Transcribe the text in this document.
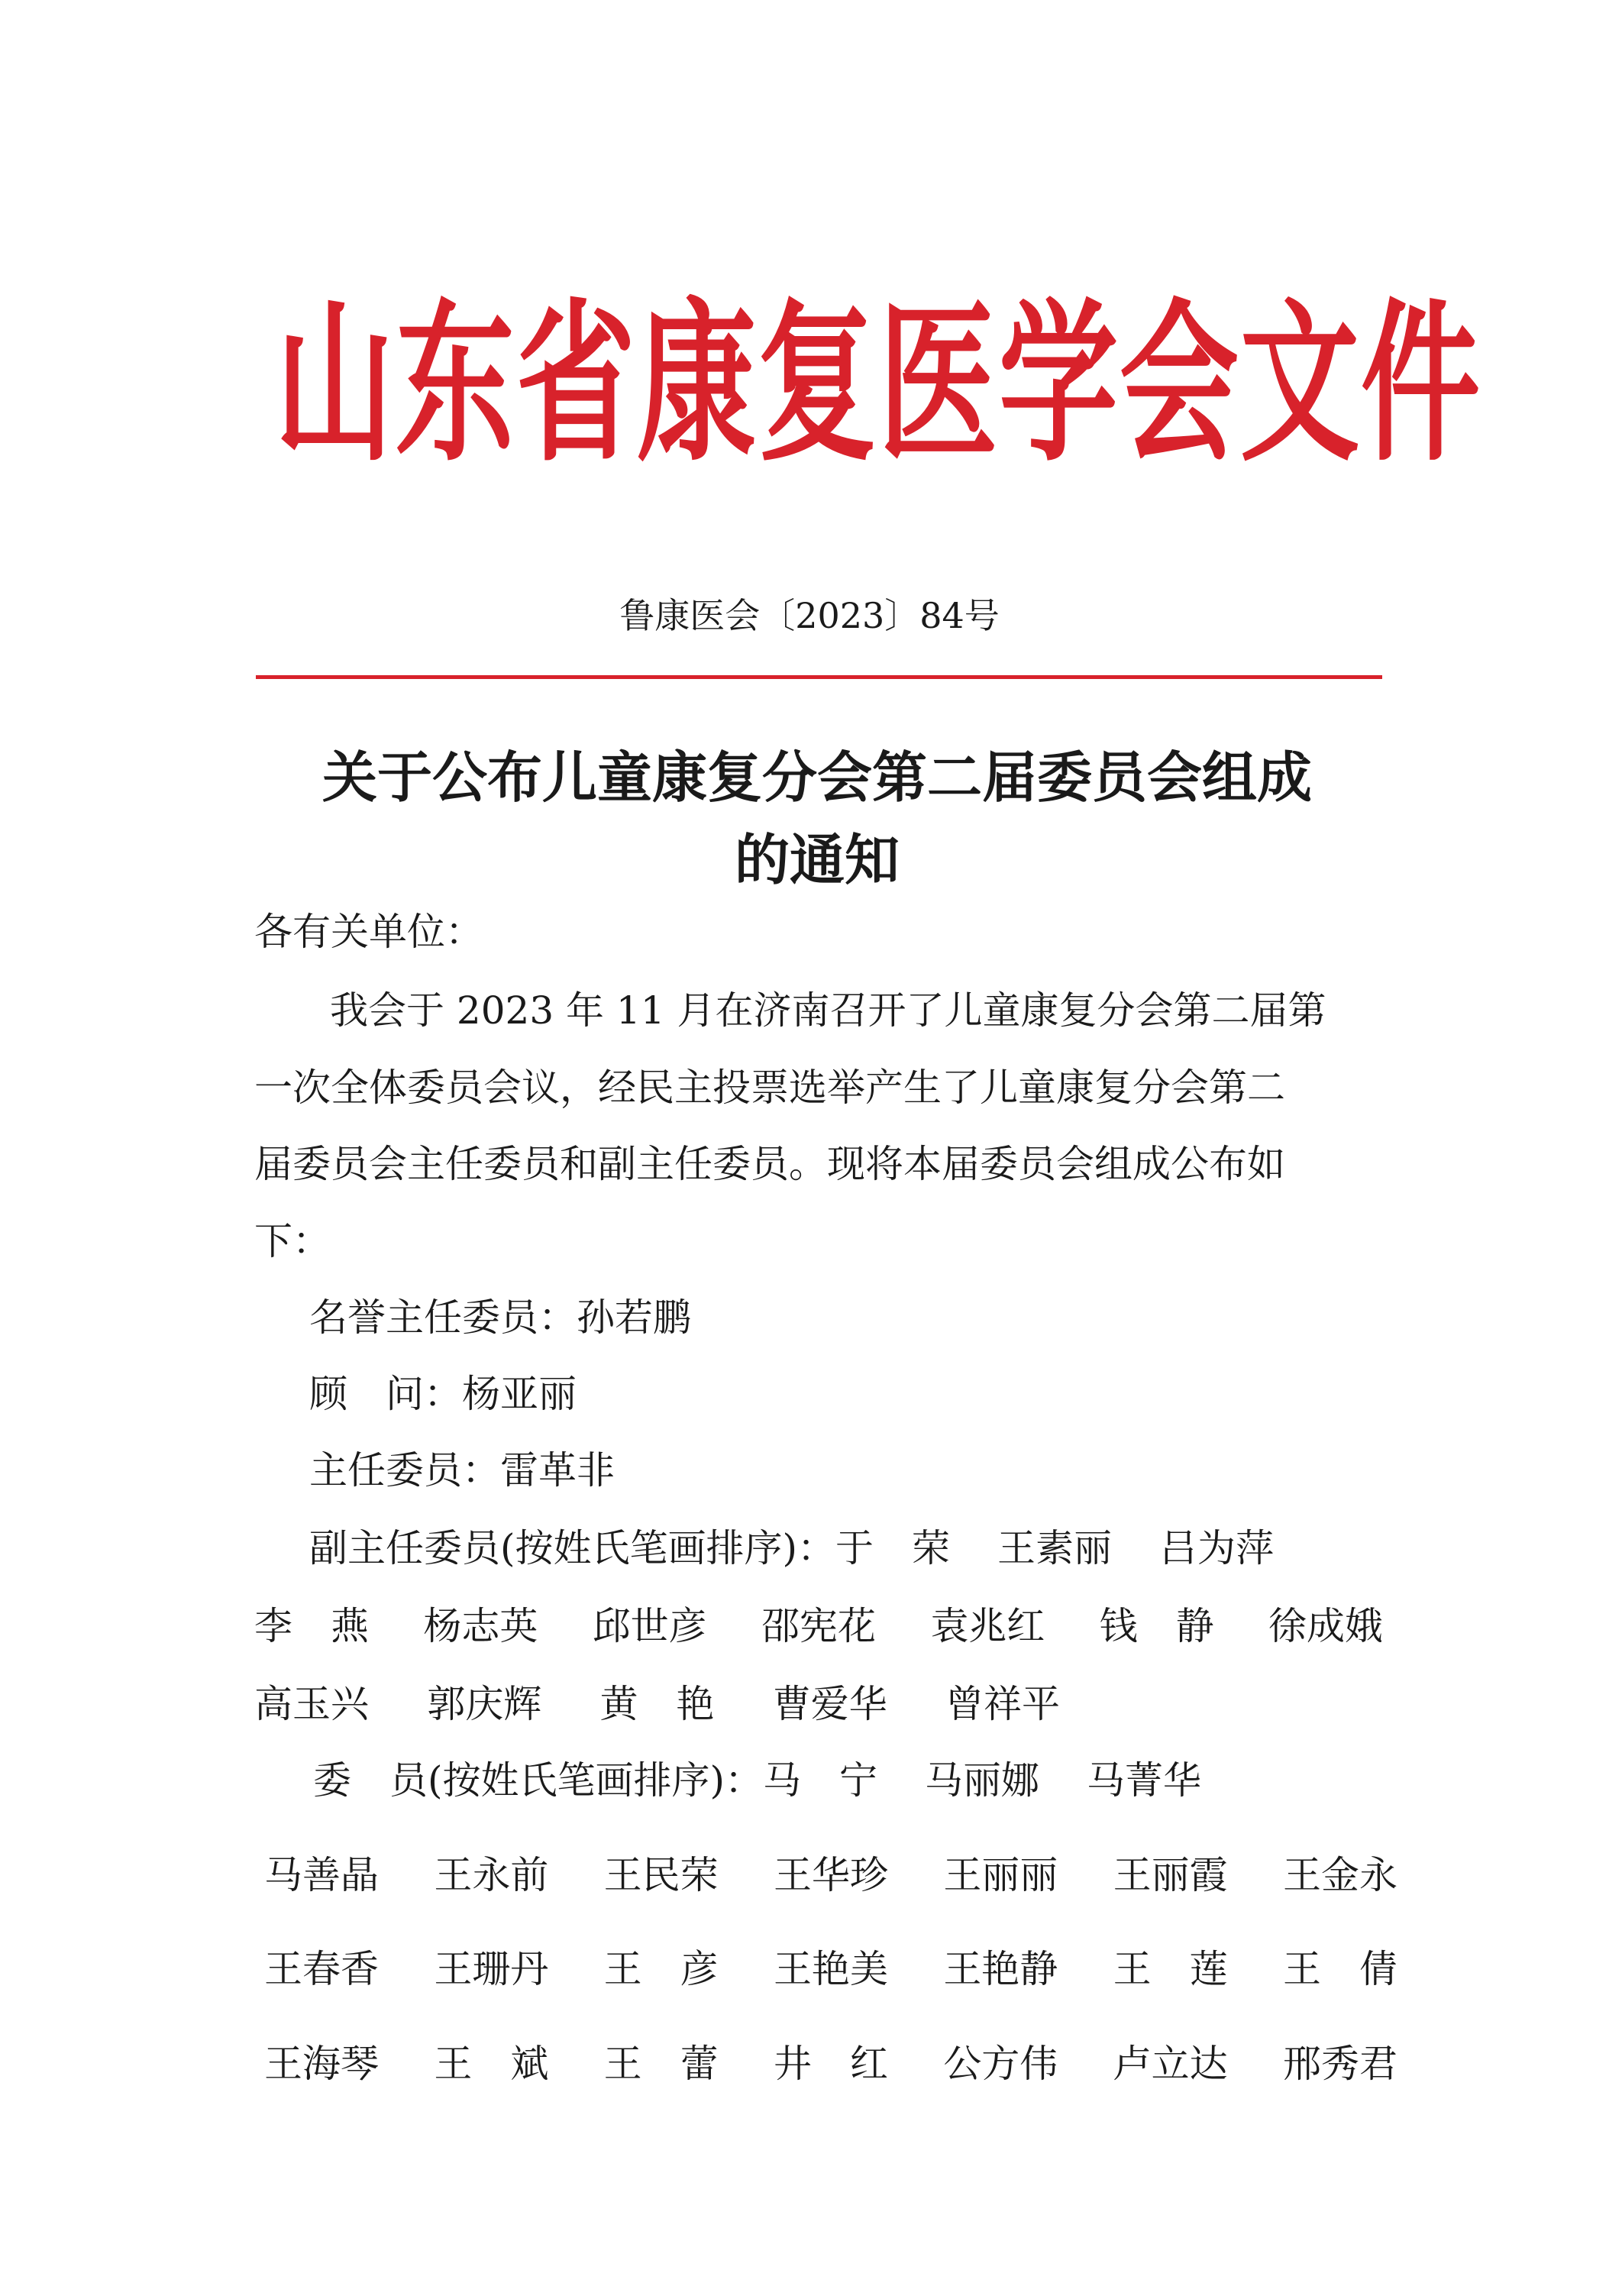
山东省康复医学会文件
鲁康医会〔2023〕84号
关于公布儿童康复分会第二届委员会组成
的通知
各有关单位：
我会于 2023 年 11 月在济南召开了儿童康复分会第二届第
一次全体委员会议，经民主投票选举产生了儿童康复分会第二
届委员会主任委员和副主任委员。现将本届委员会组成公布如
下：
名誉主任委员：孙若鹏
顾　问：杨亚丽
主任委员：雷革非
副主任委员(按姓氏笔画排序)：于　荣 王素丽 吕为萍
李　燕 杨志英 邱世彦 邵宪花 袁兆红 钱　静 徐成娥
高玉兴 郭庆辉 黄　艳 曹爱华 曾祥平
委　员(按姓氏笔画排序)：马　宁 马丽娜 马菁华
马善晶 王永前 王民荣 王华珍 王丽丽 王丽霞 王金永
王春香 王珊丹 王　彦 王艳美 王艳静 王　莲 王　倩
王海琴 王　斌 王　蕾 井　红 公方伟 卢立达 邢秀君
